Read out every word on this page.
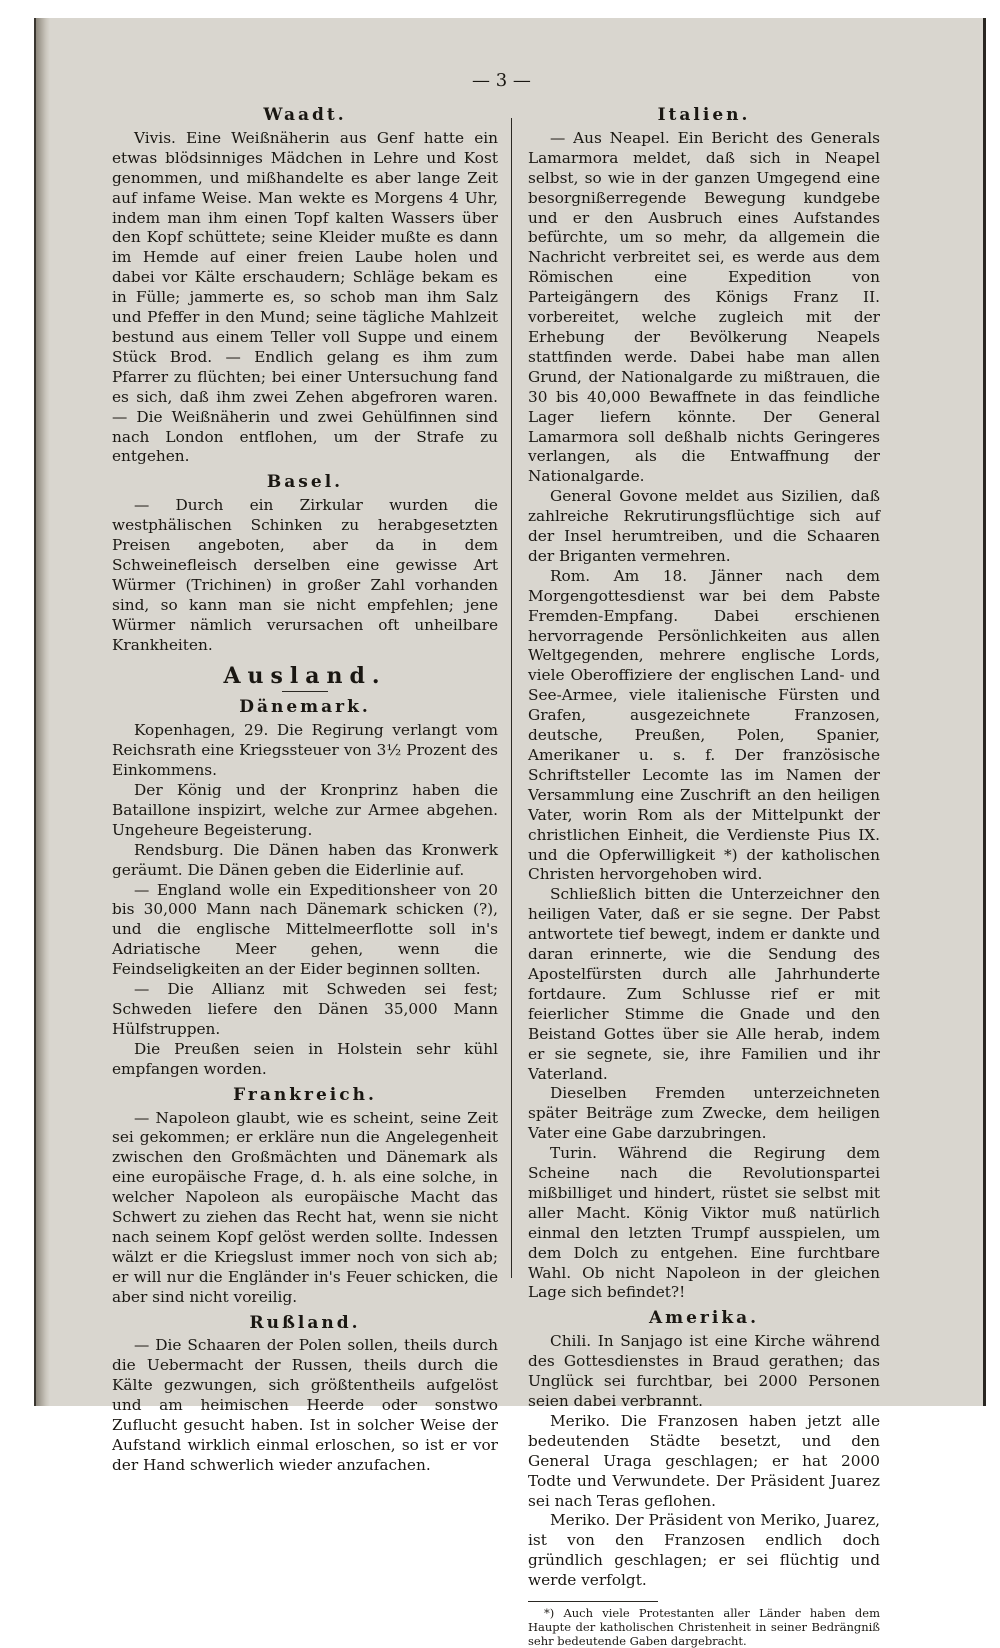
— 3 —
Waadt.

Vivis. Eine Weißnäherin aus Genf hatte ein etwas blödsinniges Mädchen in Lehre und Kost genommen, und mißhandelte es aber lange Zeit auf infame Weise. Man wekte es Morgens 4 Uhr, indem man ihm einen Topf kalten Wassers über den Kopf schüttete; seine Kleider mußte es dann im Hemde auf einer freien Laube holen und dabei vor Kälte erschaudern; Schläge bekam es in Fülle; jammerte es, so schob man ihm Salz und Pfeffer in den Mund; seine tägliche Mahlzeit bestund aus einem Teller voll Suppe und einem Stück Brod. — Endlich gelang es ihm zum Pfarrer zu flüchten; bei einer Untersuchung fand es sich, daß ihm zwei Zehen abgefroren waren. — Die Weißnäherin und zwei Gehülfinnen sind nach London entflohen, um der Strafe zu entgehen.

Basel.

— Durch ein Zirkular wurden die westphälischen Schinken zu herabgesetzten Preisen angeboten, aber da in dem Schweinefleisch derselben eine gewisse Art Würmer (Trichinen) in großer Zahl vorhanden sind, so kann man sie nicht empfehlen; jene Würmer nämlich verursachen oft unheilbare Krankheiten.

Ausland.
Dänemark.

Kopenhagen, 29. Die Regirung verlangt vom Reichsrath eine Kriegssteuer von 3½ Prozent des Einkommens.

Der König und der Kronprinz haben die Bataillone inspizirt, welche zur Armee abgehen. Ungeheure Begeisterung.

Rendsburg. Die Dänen haben das Kronwerk geräumt. Die Dänen geben die Eiderlinie auf.

— England wolle ein Expeditionsheer von 20 bis 30,000 Mann nach Dänemark schicken (?), und die englische Mittelmeerflotte soll in's Adriatische Meer gehen, wenn die Feindseligkeiten an der Eider beginnen sollten.

— Die Allianz mit Schweden sei fest; Schweden liefere den Dänen 35,000 Mann Hülfstruppen.

Die Preußen seien in Holstein sehr kühl empfangen worden.

Frankreich.

— Napoleon glaubt, wie es scheint, seine Zeit sei gekommen; er erkläre nun die Angelegenheit zwischen den Großmächten und Dänemark als eine europäische Frage, d. h. als eine solche, in welcher Napoleon als europäische Macht das Schwert zu ziehen das Recht hat, wenn sie nicht nach seinem Kopf gelöst werden sollte. Indessen wälzt er die Kriegslust immer noch von sich ab; er will nur die Engländer in's Feuer schicken, die aber sind nicht voreilig.

Rußland.

— Die Schaaren der Polen sollen, theils durch die Uebermacht der Russen, theils durch die Kälte gezwungen, sich größtentheils aufgelöst und am heimischen Heerde oder sonstwo Zuflucht gesucht haben. Ist in solcher Weise der Aufstand wirklich einmal erloschen, so ist er vor der Hand schwerlich wieder anzufachen.

Italien.

— Aus Neapel. Ein Bericht des Generals Lamarmora meldet, daß sich in Neapel selbst, so wie in der ganzen Umgegend eine besorgnißerregende Bewegung kundgebe und er den Ausbruch eines Aufstandes befürchte, um so mehr, da allgemein die Nachricht verbreitet sei, es werde aus dem Römischen eine Expedition von Parteigängern des Königs Franz II. vorbereitet, welche zugleich mit der Erhebung der Bevölkerung Neapels stattfinden werde. Dabei habe man allen Grund, der Nationalgarde zu mißtrauen, die 30 bis 40,000 Bewaffnete in das feindliche Lager liefern könnte. Der General Lamarmora soll deßhalb nichts Geringeres verlangen, als die Entwaffnung der Nationalgarde.

General Govone meldet aus Sizilien, daß zahlreiche Rekrutirungsflüchtige sich auf der Insel herumtreiben, und die Schaaren der Briganten vermehren.

Rom. Am 18. Jänner nach dem Morgengottesdienst war bei dem Pabste Fremden-Empfang. Dabei erschienen hervorragende Persönlichkeiten aus allen Weltgegenden, mehrere englische Lords, viele Oberoffiziere der englischen Land- und See-Armee, viele italienische Fürsten und Grafen, ausgezeichnete Franzosen, deutsche, Preußen, Polen, Spanier, Amerikaner u. s. f. Der französische Schriftsteller Lecomte las im Namen der Versammlung eine Zuschrift an den heiligen Vater, worin Rom als der Mittelpunkt der christlichen Einheit, die Verdienste Pius IX. und die Opferwilligkeit *) der katholischen Christen hervorgehoben wird.

Schließlich bitten die Unterzeichner den heiligen Vater, daß er sie segne. Der Pabst antwortete tief bewegt, indem er dankte und daran erinnerte, wie die Sendung des Apostelfürsten durch alle Jahrhunderte fortdaure. Zum Schlusse rief er mit feierlicher Stimme die Gnade und den Beistand Gottes über sie Alle herab, indem er sie segnete, sie, ihre Familien und ihr Vaterland.

Dieselben Fremden unterzeichneten später Beiträge zum Zwecke, dem heiligen Vater eine Gabe darzubringen.

Turin. Während die Regirung dem Scheine nach die Revolutionspartei mißbilliget und hindert, rüstet sie selbst mit aller Macht. König Viktor muß natürlich einmal den letzten Trumpf ausspielen, um dem Dolch zu entgehen. Eine furchtbare Wahl. Ob nicht Napoleon in der gleichen Lage sich befindet?!

Amerika.

Chili. In Sanjago ist eine Kirche während des Gottesdienstes in Braud gerathen; das Unglück sei furchtbar, bei 2000 Personen seien dabei verbrannt.

Meriko. Die Franzosen haben jetzt alle bedeutenden Städte besetzt, und den General Uraga geschlagen; er hat 2000 Todte und Verwundete. Der Präsident Juarez sei nach Teras geflohen.

Meriko. Der Präsident von Meriko, Juarez, ist von den Franzosen endlich doch gründlich geschlagen; er sei flüchtig und werde verfolgt.

*) Auch viele Protestanten aller Länder haben dem Haupte der katholischen Christenheit in seiner Bedrängniß sehr bedeutende Gaben dargebracht.
